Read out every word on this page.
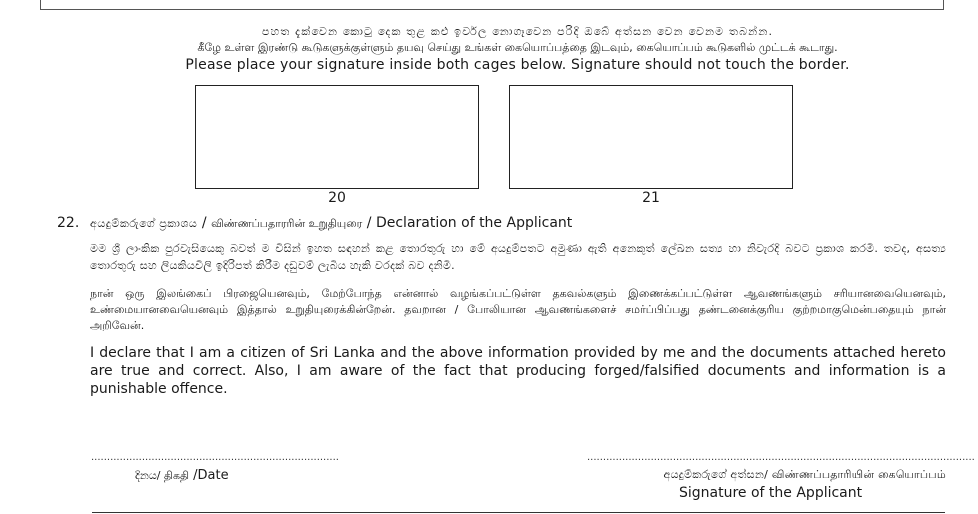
පහත දැක්වෙන කොටු දෙක තුළ කළු ඉර්වල නොගෑවෙන පරිදි ඔබේ අත්සන වෙන වෙනම තබන්න.
கீழே உள்ள இரண்டு கூடுகளுக்குள்ளும் தயவு செய்து உங்கள் கையொப்பத்தை இடவும், கையொப்பம் கூடுகளில் முட்டக் கூடாது.
Please place your signature inside both cages below. Signature should not touch the border.
20	21
22. අයදුම්කරුගේ ප්‍රකාශය / விண்ணப்பதாரரின் உறுதியுரை / Declaration of the Applicant

මම ශ්‍රී ලාංකික පුරවැසියෙකු බවත් ම විසින් ඉහත සඳහන් කළ තොරතුරු හා මේ අයදුම්පතට අමුණා ඇති අනෙකුත් ලේඛන සත්‍ය හා නිවැරදි බවට ප්‍රකාශ කරමි. තවද, අසත්‍ය තොරතුරු සහ ලියකියවිලි ඉදිරිපත් කිරීම දඩුවම් ලැබිය හැකි වරදක් බව දනිමි.

நான் ஒரு இலங்கைப் பிரஜையெனவும், மேற்போந்த என்னால் வழங்கப்பட்டுள்ள தகவல்களும் இணைக்கப்பட்டுள்ள ஆவணங்களும் சரியானவையெனவும், உண்மையானவையெனவும் இத்தால் உறுதியுரைக்கின்றேன். தவறான / போலியான ஆவணங்களைச் சமர்ப்பிப்பது தண்டனைக்குரிய குற்றமாகுமென்பதையும் நான் அறிவேன்.

I declare that I am a citizen of Sri Lanka and the above information provided by me and the documents attached hereto are true and correct. Also, I am aware of the fact that producing forged/falsified documents and information is a punishable offence.

..............................................................................
දිනය/ திகதி /Date
..........................................................................................................................
අයදුම්කරුගේ අත්සන/ விண்ணப்பதாரியின் கையொப்பம்
Signature of the Applicant
